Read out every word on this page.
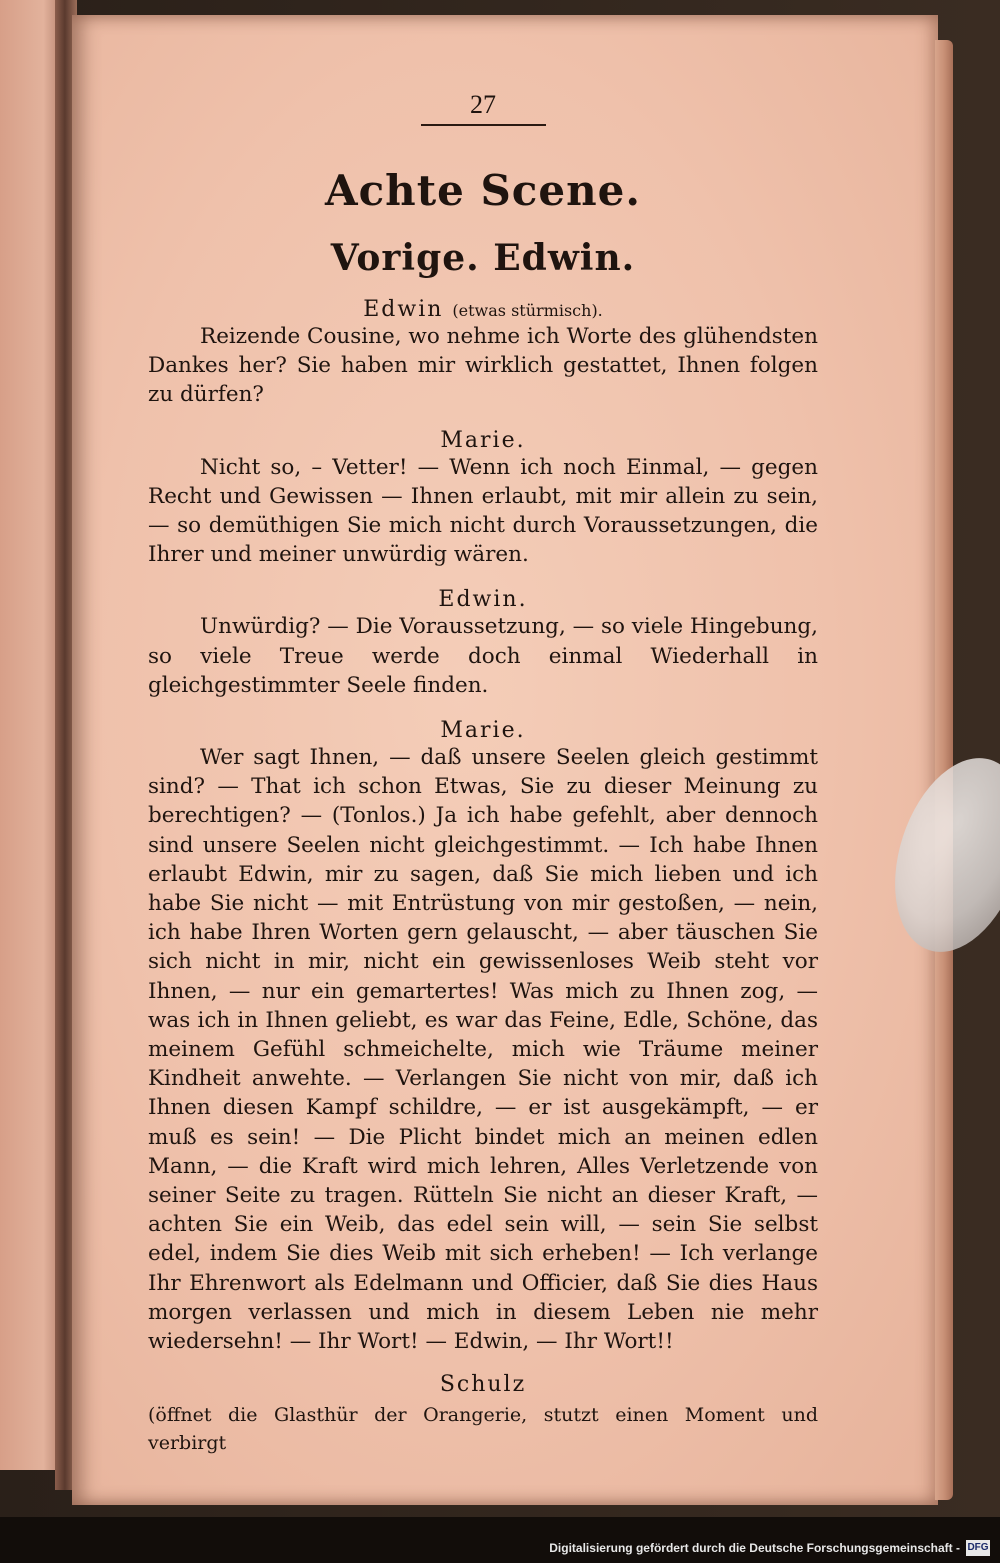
27
Achte Scene.
Vorige. Edwin.
Edwin (etwas stürmisch).

Reizende Cousine, wo nehme ich Worte des glühendsten Dankes her? Sie haben mir wirklich gestattet, Ihnen folgen zu dürfen?

Marie.

Nicht so, – Vetter! — Wenn ich noch Einmal, — gegen Recht und Gewissen — Ihnen erlaubt, mit mir allein zu sein, — so demüthigen Sie mich nicht durch Voraussetzungen, die Ihrer und meiner unwürdig wären.

Edwin.

Unwürdig? — Die Voraussetzung, — so viele Hingebung, so viele Treue werde doch einmal Wiederhall in gleichgestimmter Seele finden.

Marie.

Wer sagt Ihnen, — daß unsere Seelen gleich gestimmt sind? — That ich schon Etwas, Sie zu dieser Meinung zu berechtigen? — (Tonlos.) Ja ich habe gefehlt, aber dennoch sind unsere Seelen nicht gleichgestimmt. — Ich habe Ihnen erlaubt Edwin, mir zu sagen, daß Sie mich lieben und ich habe Sie nicht — mit Entrüstung von mir gestoßen, — nein, ich habe Ihren Worten gern gelauscht, — aber täuschen Sie sich nicht in mir, nicht ein gewissenloses Weib steht vor Ihnen, — nur ein gemartertes! Was mich zu Ihnen zog, — was ich in Ihnen geliebt, es war das Feine, Edle, Schöne, das meinem Gefühl schmeichelte, mich wie Träume meiner Kindheit anwehte. — Verlangen Sie nicht von mir, daß ich Ihnen diesen Kampf schildre, — er ist ausgekämpft, — er muß es sein! — Die Plicht bindet mich an meinen edlen Mann, — die Kraft wird mich lehren, Alles Verletzende von seiner Seite zu tragen. Rütteln Sie nicht an dieser Kraft, — achten Sie ein Weib, das edel sein will, — sein Sie selbst edel, indem Sie dies Weib mit sich erheben! — Ich verlange Ihr Ehrenwort als Edelmann und Officier, daß Sie dies Haus morgen verlassen und mich in diesem Leben nie mehr wiedersehn! — Ihr Wort! — Edwin, — Ihr Wort!!

Schulz

(öffnet die Glasthür der Orangerie, stutzt einen Moment und verbirgt

Digitalisierung gefördert durch die Deutsche Forschungsgemeinschaft - DFG
